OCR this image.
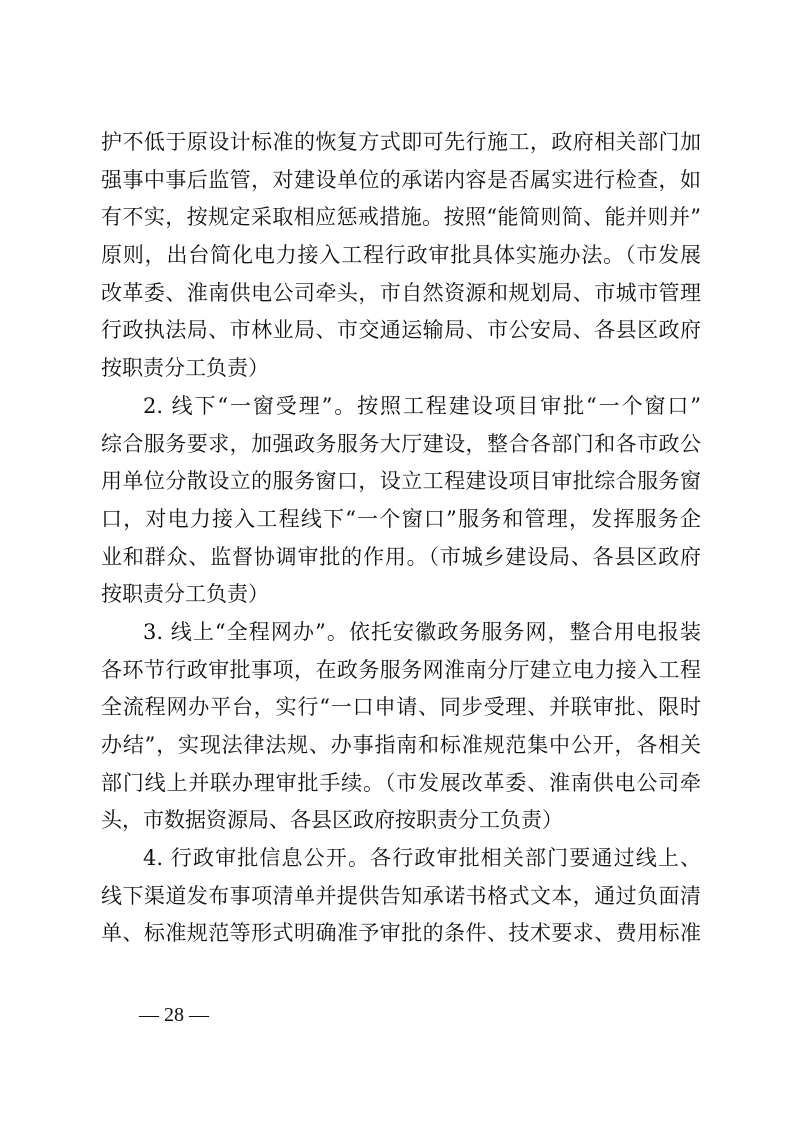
护不低于原设计标准的恢复方式即可先行施工，政府相关部门加
强事中事后监管，对建设单位的承诺内容是否属实进行检查，如
有不实，按规定采取相应惩戒措施。按照“能简则简、能并则并”
原则，出台简化电力接入工程行政审批具体实施办法。（市发展
改革委、淮南供电公司牵头，市自然资源和规划局、市城市管理
行政执法局、市林业局、市交通运输局、市公安局、各县区政府
按职责分工负责）
2. 线下“一窗受理”。按照工程建设项目审批“一个窗口”
综合服务要求，加强政务服务大厅建设，整合各部门和各市政公
用单位分散设立的服务窗口，设立工程建设项目审批综合服务窗
口，对电力接入工程线下“一个窗口”服务和管理，发挥服务企
业和群众、监督协调审批的作用。（市城乡建设局、各县区政府
按职责分工负责）
3. 线上“全程网办”。依托安徽政务服务网，整合用电报装
各环节行政审批事项，在政务服务网淮南分厅建立电力接入工程
全流程网办平台，实行“一口申请、同步受理、并联审批、限时
办结”，实现法律法规、办事指南和标准规范集中公开，各相关
部门线上并联办理审批手续。（市发展改革委、淮南供电公司牵
头，市数据资源局、各县区政府按职责分工负责）
4. 行政审批信息公开。各行政审批相关部门要通过线上、
线下渠道发布事项清单并提供告知承诺书格式文本，通过负面清
单、标准规范等形式明确准予审批的条件、技术要求、费用标准
— 28 —
